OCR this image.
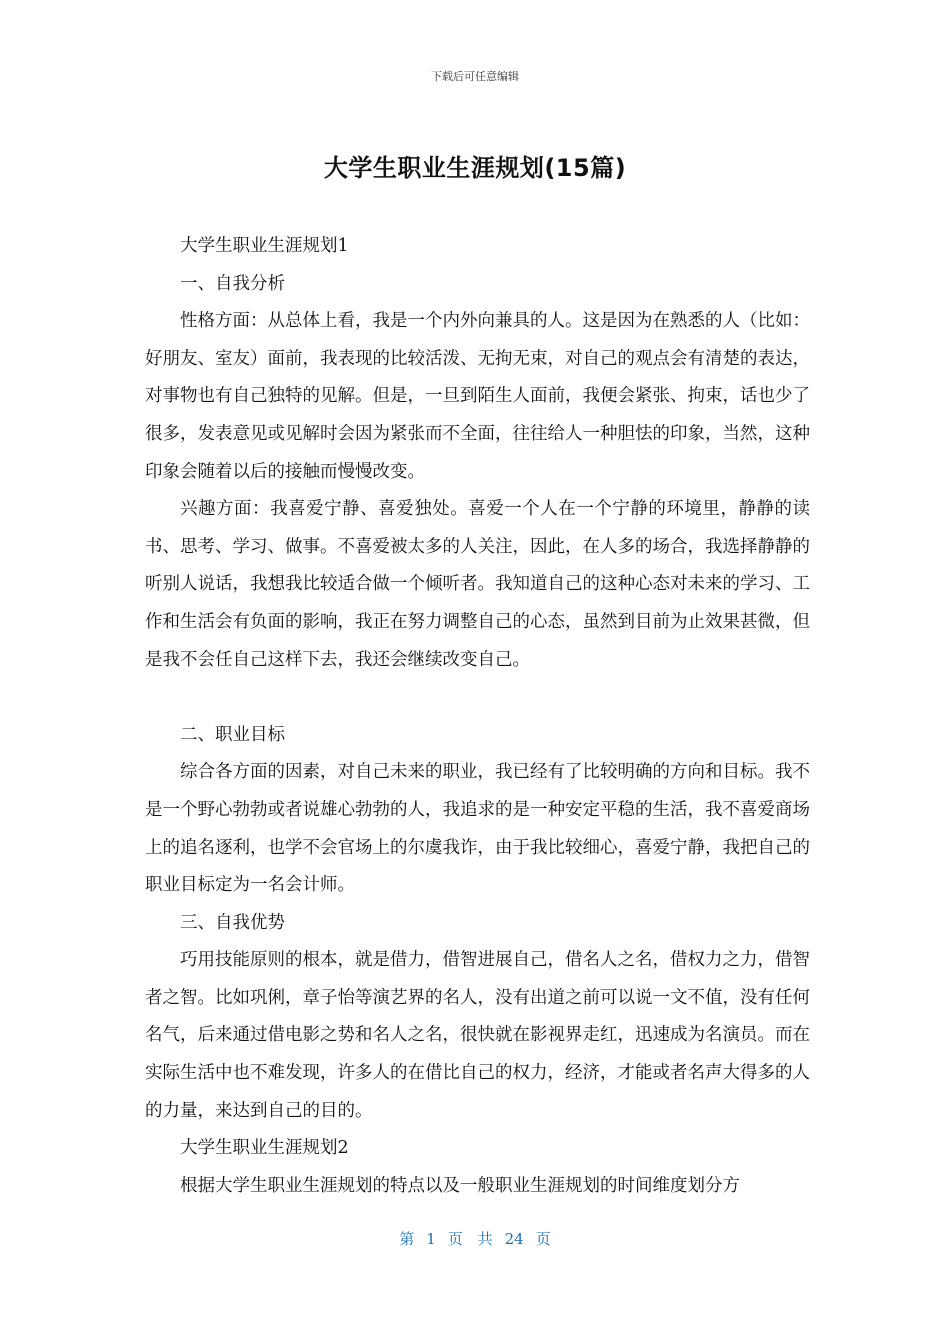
下载后可任意编辑
大学生职业生涯规划(15篇)

大学生职业生涯规划1

一、自我分析

性格方面：从总体上看，我是一个内外向兼具的人。这是因为在熟悉的人（比如：好朋友、室友）面前，我表现的比较活泼、无拘无束，对自己的观点会有清楚的表达，对事物也有自己独特的见解。但是，一旦到陌生人面前，我便会紧张、拘束，话也少了很多，发表意见或见解时会因为紧张而不全面，往往给人一种胆怯的印象，当然，这种印象会随着以后的接触而慢慢改变。

兴趣方面：我喜爱宁静、喜爱独处。喜爱一个人在一个宁静的环境里，静静的读书、思考、学习、做事。不喜爱被太多的人关注，因此，在人多的场合，我选择静静的听别人说话，我想我比较适合做一个倾听者。我知道自己的这种心态对未来的学习、工作和生活会有负面的影响，我正在努力调整自己的心态，虽然到目前为止效果甚微，但是我不会任自己这样下去，我还会继续改变自己。

二、职业目标

综合各方面的因素，对自己未来的职业，我已经有了比较明确的方向和目标。我不是一个野心勃勃或者说雄心勃勃的人，我追求的是一种安定平稳的生活，我不喜爱商场上的追名逐利，也学不会官场上的尔虞我诈，由于我比较细心，喜爱宁静，我把自己的职业目标定为一名会计师。

三、自我优势

巧用技能原则的根本，就是借力，借智进展自己，借名人之名，借权力之力，借智者之智。比如巩俐，章子怡等演艺界的名人，没有出道之前可以说一文不值，没有任何名气，后来通过借电影之势和名人之名，很快就在影视界走红，迅速成为名演员。而在实际生活中也不难发现，许多人的在借比自己的权力，经济，才能或者名声大得多的人的力量，来达到自己的目的。

大学生职业生涯规划2

根据大学生职业生涯规划的特点以及一般职业生涯规划的时间维度划分方

第 1 页 共 24 页
